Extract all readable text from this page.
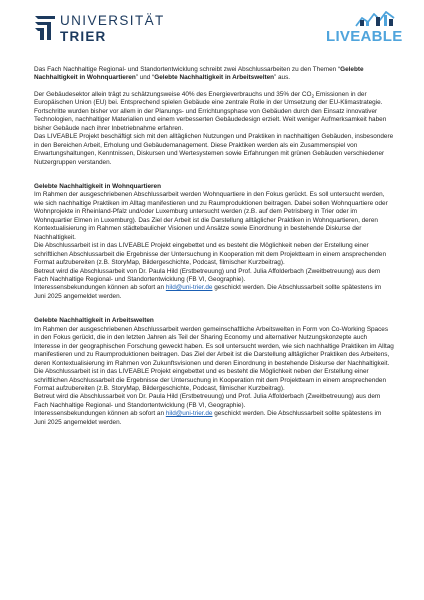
UNIVERSITÄT
TRIER	LIVEABLE

Das Fach Nachhaltige Regional- und Standortentwicklung schreibt zwei Abschlussarbeiten zu den Themen “Gelebte Nachhaltigkeit in Wohnquartieren” und “Gelebte Nachhaltigkeit in Arbeitswelten” aus.

Der Gebäudesektor allein trägt zu schätzungsweise 40% des Energieverbrauchs und 35% der $CO_2$ Emissionen in der Europäischen Union (EU) bei. Entsprechend spielen Gebäude eine zentrale Rolle in der Umsetzung der EU-Klimastrategie. Fortschritte wurden bisher vor allem in der Planungs- und Errichtungsphase von Gebäuden durch den Einsatz innovativer Technologien, nachhaltiger Materialien und einem verbesserten Gebäudedesign erzielt. Weit weniger Aufmerksamkeit haben bisher Gebäude nach ihrer Inbetriebnahme erfahren.

Das LIVEABLE Projekt beschäftigt sich mit den alltäglichen Nutzungen und Praktiken in nachhaltigen Gebäuden, insbesondere in den Bereichen Arbeit, Erholung und Gebäudemanagement. Diese Praktiken werden als ein Zusammenspiel von Erwartungshaltungen, Kenntnissen, Diskursen und Wertesystemen sowie Erfahrungen mit grünen Gebäuden verschiedener Nutzergruppen verstanden.

Gelebte Nachhaltigkeit in Wohnquartieren

Im Rahmen der ausgeschriebenen Abschlussarbeit werden Wohnquartiere in den Fokus gerückt. Es soll untersucht werden, wie sich nachhaltige Praktiken im Alltag manifestieren und zu Raumproduktionen beitragen. Dabei sollen Wohnquartiere oder Wohnprojekte in Rheinland-Pfalz und/oder Luxemburg untersucht werden (z.B. auf dem Petrisberg in Trier oder im Wohnquartier Elmen in Luxemburg). Das Ziel der Arbeit ist die Darstellung alltäglicher Praktiken in Wohnquartieren, deren Kontextualisierung im Rahmen städtebaulicher Visionen und Ansätze sowie Einordnung in bestehende Diskurse der Nachhaltigkeit.

Die Abschlussarbeit ist in das LIVEABLE Projekt eingebettet und es besteht die Möglichkeit neben der Erstellung einer schriftlichen Abschlussarbeit die Ergebnisse der Untersuchung in Kooperation mit dem Projektteam in einem ansprechenden Format aufzubereiten (z.B. StoryMap, Bildergeschichte, Podcast, filmischer Kurzbeitrag).

Betreut wird die Abschlussarbeit von Dr. Paula Hild (Erstbetreuung) und Prof. Julia Affolderbach (Zweitbetreuung) aus dem Fach Nachhaltige Regional- und Standortentwicklung (FB VI, Geographie).

Interessensbekundungen können ab sofort an hild@uni-trier.de geschickt werden. Die Abschlussarbeit sollte spätestens im Juni 2025 angemeldet werden.

Gelebte Nachhaltigkeit in Arbeitswelten

Im Rahmen der ausgeschriebenen Abschlussarbeit werden gemeinschaftliche Arbeitswelten in Form von Co-Working Spaces in den Fokus gerückt, die in den letzten Jahren als Teil der Sharing Economy und alternativer Nutzungskonzepte auch Interesse in der geographischen Forschung geweckt haben. Es soll untersucht werden, wie sich nachhaltige Praktiken im Alltag manifestieren und zu Raumproduktionen beitragen. Das Ziel der Arbeit ist die Darstellung alltäglicher Praktiken des Arbeitens, deren Kontextualisierung im Rahmen von Zukunftsvisionen und deren Einordnung in bestehende Diskurse der Nachhaltigkeit.

Die Abschlussarbeit ist in das LIVEABLE Projekt eingebettet und es besteht die Möglichkeit neben der Erstellung einer schriftlichen Abschlussarbeit die Ergebnisse der Untersuchung in Kooperation mit dem Projektteam in einem ansprechenden Format aufzubereiten (z.B. StoryMap, Bildergeschichte, Podcast, filmischer Kurzbeitrag).

Betreut wird die Abschlussarbeit von Dr. Paula Hild (Erstbetreuung) und Prof. Julia Affolderbach (Zweitbetreuung) aus dem Fach Nachhaltige Regional- und Standortentwicklung (FB VI, Geographie).

Interessensbekundungen können ab sofort an hild@uni-trier.de geschickt werden. Die Abschlussarbeit sollte spätestens im Juni 2025 angemeldet werden.
